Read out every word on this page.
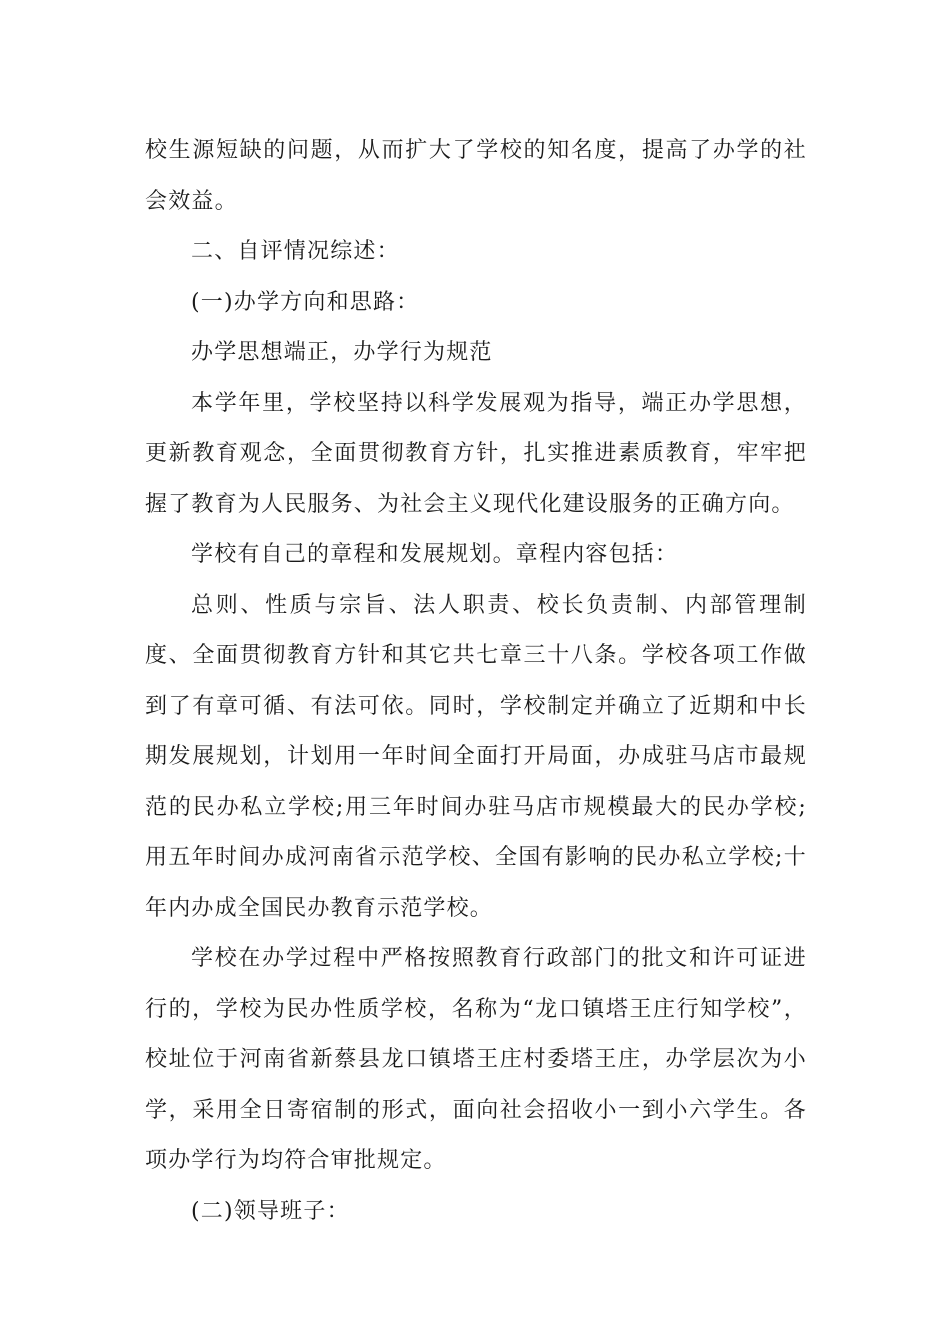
校生源短缺的问题，从而扩大了学校的知名度，提高了办学的社会效益。

二、自评情况综述：

(一)办学方向和思路：

办学思想端正，办学行为规范

本学年里，学校坚持以科学发展观为指导，端正办学思想，更新教育观念，全面贯彻教育方针，扎实推进素质教育，牢牢把握了教育为人民服务、为社会主义现代化建设服务的正确方向。

学校有自己的章程和发展规划。章程内容包括：

总则、性质与宗旨、法人职责、校长负责制、内部管理制度、全面贯彻教育方针和其它共七章三十八条。学校各项工作做到了有章可循、有法可依。同时，学校制定并确立了近期和中长期发展规划，计划用一年时间全面打开局面，办成驻马店市最规范的民办私立学校;用三年时间办驻马店市规模最大的民办学校;用五年时间办成河南省示范学校、全国有影响的民办私立学校;十年内办成全国民办教育示范学校。

学校在办学过程中严格按照教育行政部门的批文和许可证进行的，学校为民办性质学校，名称为“龙口镇塔王庄行知学校”，校址位于河南省新蔡县龙口镇塔王庄村委塔王庄，办学层次为小学，采用全日寄宿制的形式，面向社会招收小一到小六学生。各项办学行为均符合审批规定。

(二)领导班子：
